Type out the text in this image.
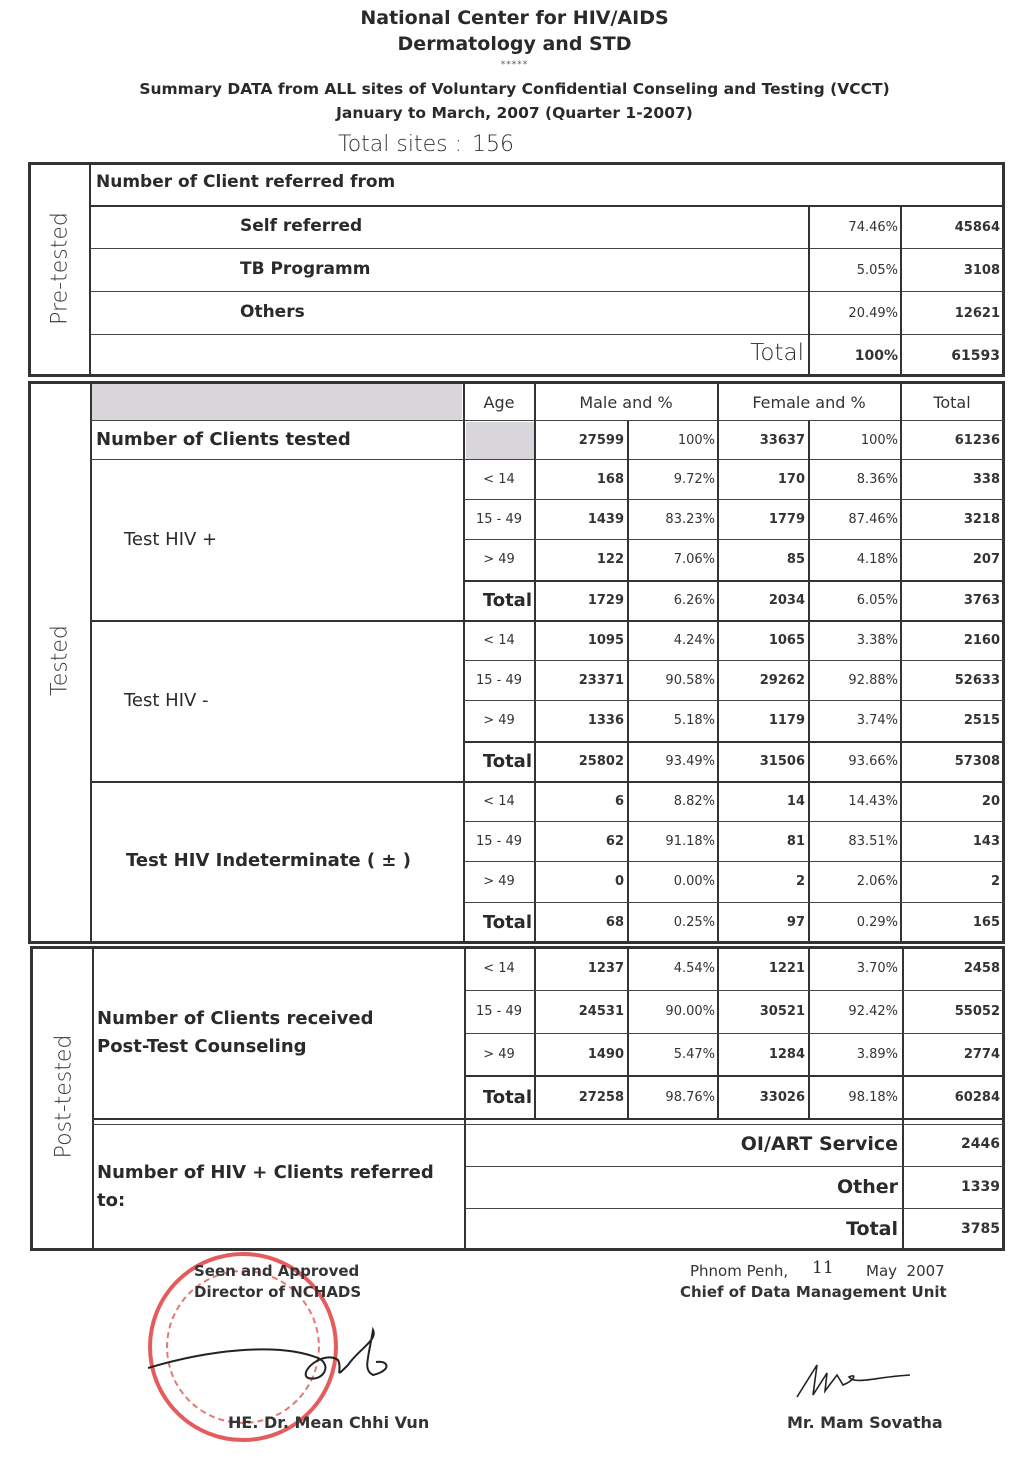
National Center for HIV/AIDS
Dermatology and STD
*****
Summary DATA from ALL sites of Voluntary Confidential Conseling and Testing (VCCT)
January to March, 2007 (Quarter 1-2007)
Total sites : 156
Pre-tested
Number of Client referred from
Self referred	74.46%	45864
TB Programm	5.05%	3108
Others	20.49%	12621
Total	100%	61593
Tested
Age	Male and %	Female and %	Total
Number of Clients tested	27599	100%	33637	100%	61236
Test HIV +
< 14	168	9.72%	170	8.36%	338
15 - 49	1439	83.23%	1779	87.46%	3218
> 49	122	7.06%	85	4.18%	207
Total	1729	6.26%	2034	6.05%	3763
Test HIV -
< 14	1095	4.24%	1065	3.38%	2160
15 - 49	23371	90.58%	29262	92.88%	52633
> 49	1336	5.18%	1179	3.74%	2515
Total	25802	93.49%	31506	93.66%	57308
Test HIV Indeterminate ( ± )
< 14	6	8.82%	14	14.43%	20
15 - 49	62	91.18%	81	83.51%	143
> 49	0	0.00%	2	2.06%	2
Total	68	0.25%	97	0.29%	165
Post-tested
Number of Clients received
Post-Test Counseling
< 14	1237	4.54%	1221	3.70%	2458
15 - 49	24531	90.00%	30521	92.42%	55052
> 49	1490	5.47%	1284	3.89%	2774
Total	27258	98.76%	33026	98.18%	60284
Number of HIV + Clients referred
to:
OI/ART Service	2446
Other	1339
Total	3785
Seen and Approved
Director of NCHADS
HE. Dr. Mean Chhi Vun
Phnom Penh, 11 May  2007
Chief of Data Management Unit
Mr. Mam Sovatha
